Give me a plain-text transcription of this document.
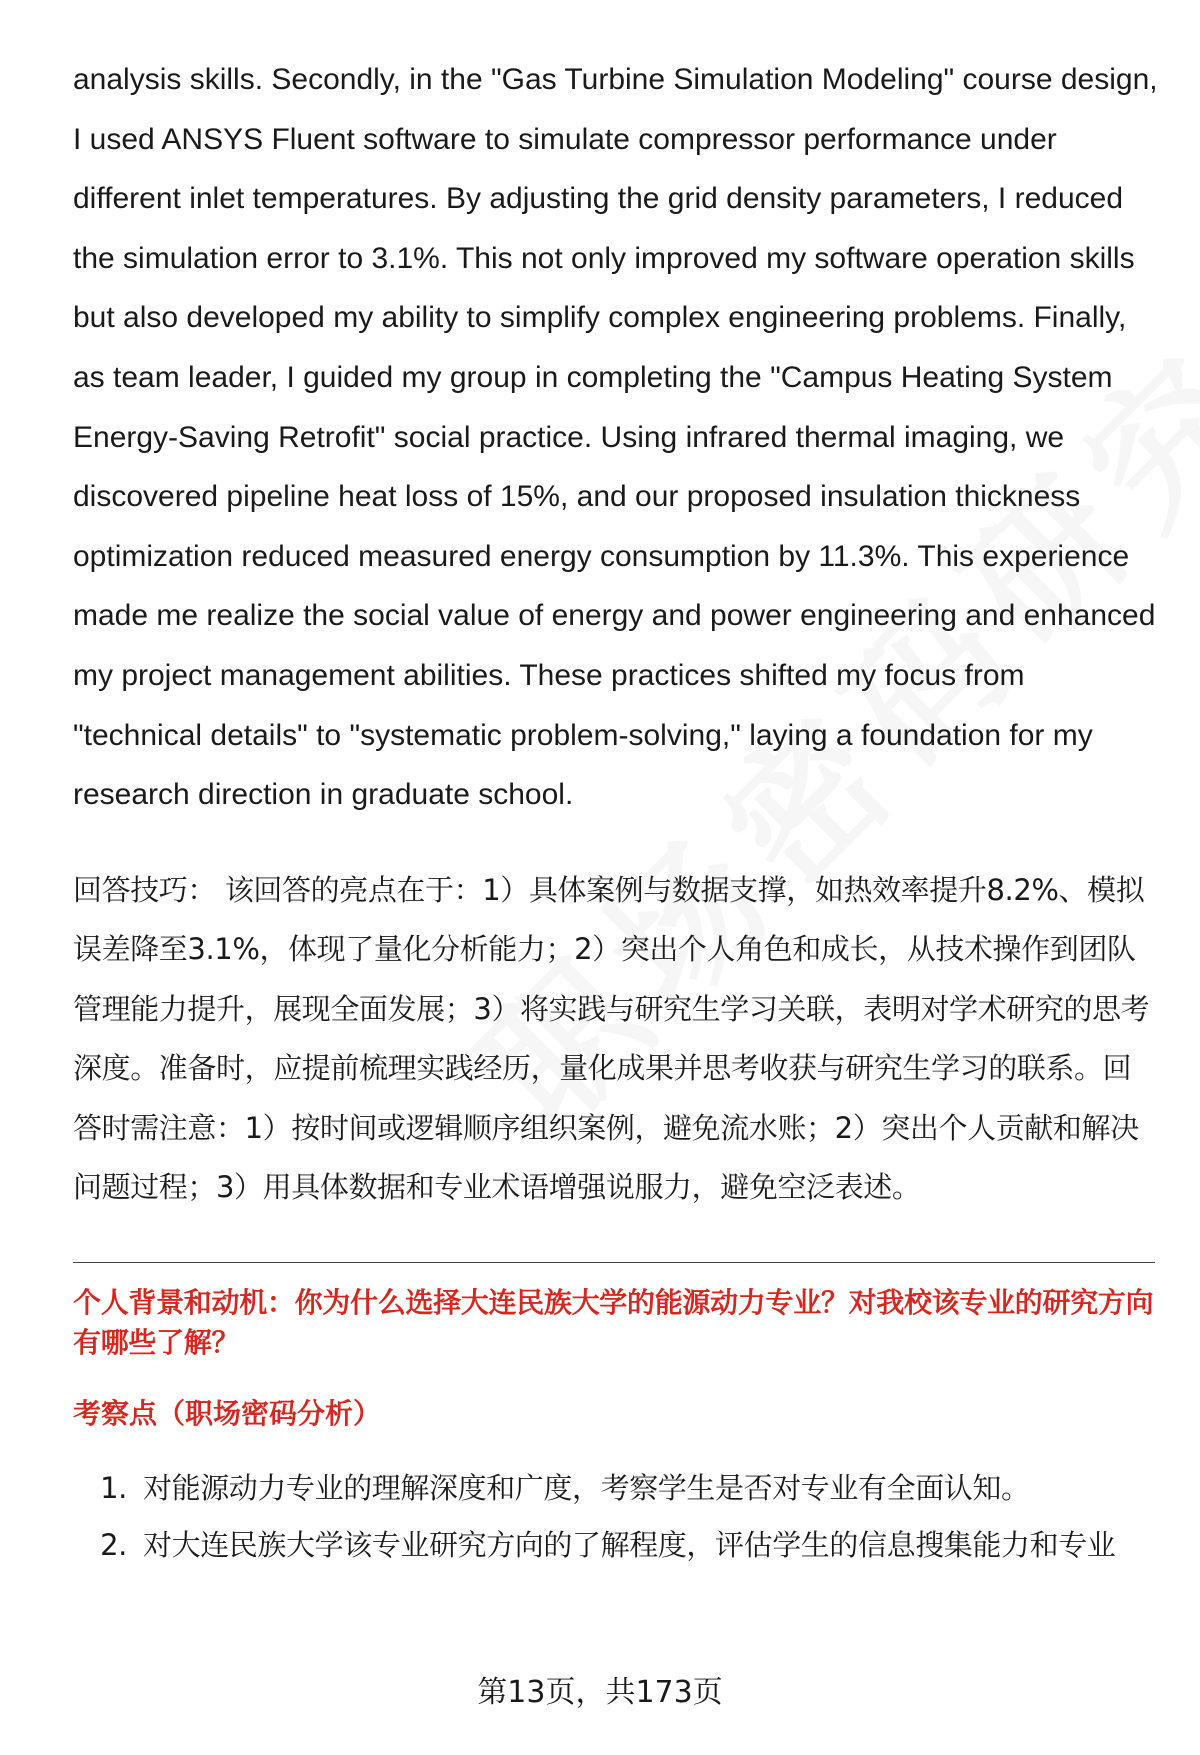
analysis skills. Secondly, in the "Gas Turbine Simulation Modeling" course design, I used ANSYS Fluent software to simulate compressor performance under different inlet temperatures. By adjusting the grid density parameters, I reduced the simulation error to 3.1%. This not only improved my software operation skills but also developed my ability to simplify complex engineering problems. Finally, as team leader, I guided my group in completing the "Campus Heating System Energy-Saving Retrofit" social practice. Using infrared thermal imaging, we discovered pipeline heat loss of 15%, and our proposed insulation thickness optimization reduced measured energy consumption by 11.3%. This experience made me realize the social value of energy and power engineering and enhanced my project management abilities. These practices shifted my focus from "technical details" to "systematic problem-solving," laying a foundation for my research direction in graduate school.

回答技巧： 该回答的亮点在于：1）具体案例与数据支撑，如热效率提升8.2%、模拟误差降至3.1%，体现了量化分析能力；2）突出个人角色和成长，从技术操作到团队管理能力提升，展现全面发展；3）将实践与研究生学习关联，表明对学术研究的思考深度。准备时，应提前梳理实践经历，量化成果并思考收获与研究生学习的联系。回答时需注意：1）按时间或逻辑顺序组织案例，避免流水账；2）突出个人贡献和解决问题过程；3）用具体数据和专业术语增强说服力，避免空泛表述。

个人背景和动机：你为什么选择大连民族大学的能源动力专业？对我校该专业的研究方向有哪些了解？
考察点（职场密码分析）
1. 对能源动力专业的理解深度和广度，考察学生是否对专业有全面认知。
2. 对大连民族大学该专业研究方向的了解程度，评估学生的信息搜集能力和专业
第13页，共173页
